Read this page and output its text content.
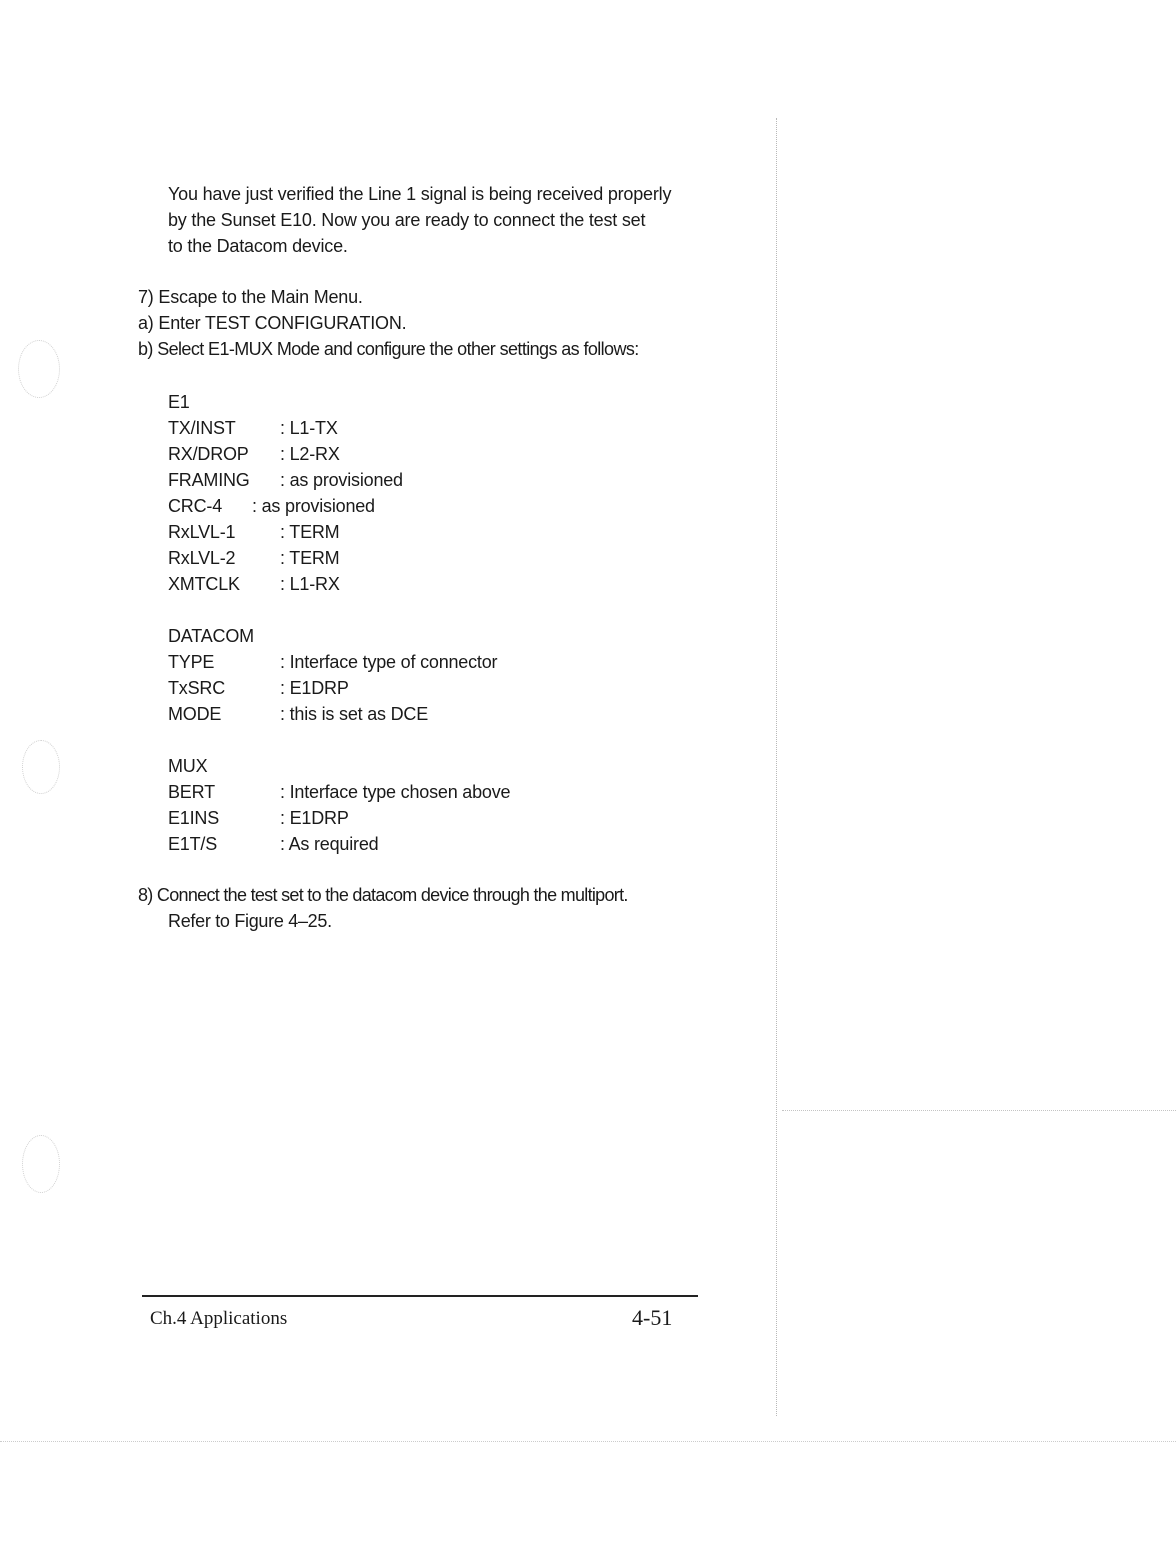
You have just verified the Line 1 signal is being received properly

by the Sunset E10. Now you are ready to connect the test set

to the Datacom device.

7) Escape to the Main Menu.

a) Enter TEST CONFIGURATION.

b) Select E1-MUX Mode and configure the other settings as follows:

E1

TX/INST : L1-TX
RX/DROP : L2-RX
FRAMING : as provisioned
CRC-4 : as provisioned
RxLVL-1 : TERM
RxLVL-2 : TERM
XMTCLK : L1-RX

DATACOM

TYPE	: Interface type of connector
TxSRC	: E1DRP
MODE	: this is set as DCE

MUX

BERT	: Interface type chosen above
E1INS	: E1DRP
E1T/S	: As required

8) Connect the test set to the datacom device through the multiport.

Refer to Figure 4–25.

Ch.4 Applications	4-51
